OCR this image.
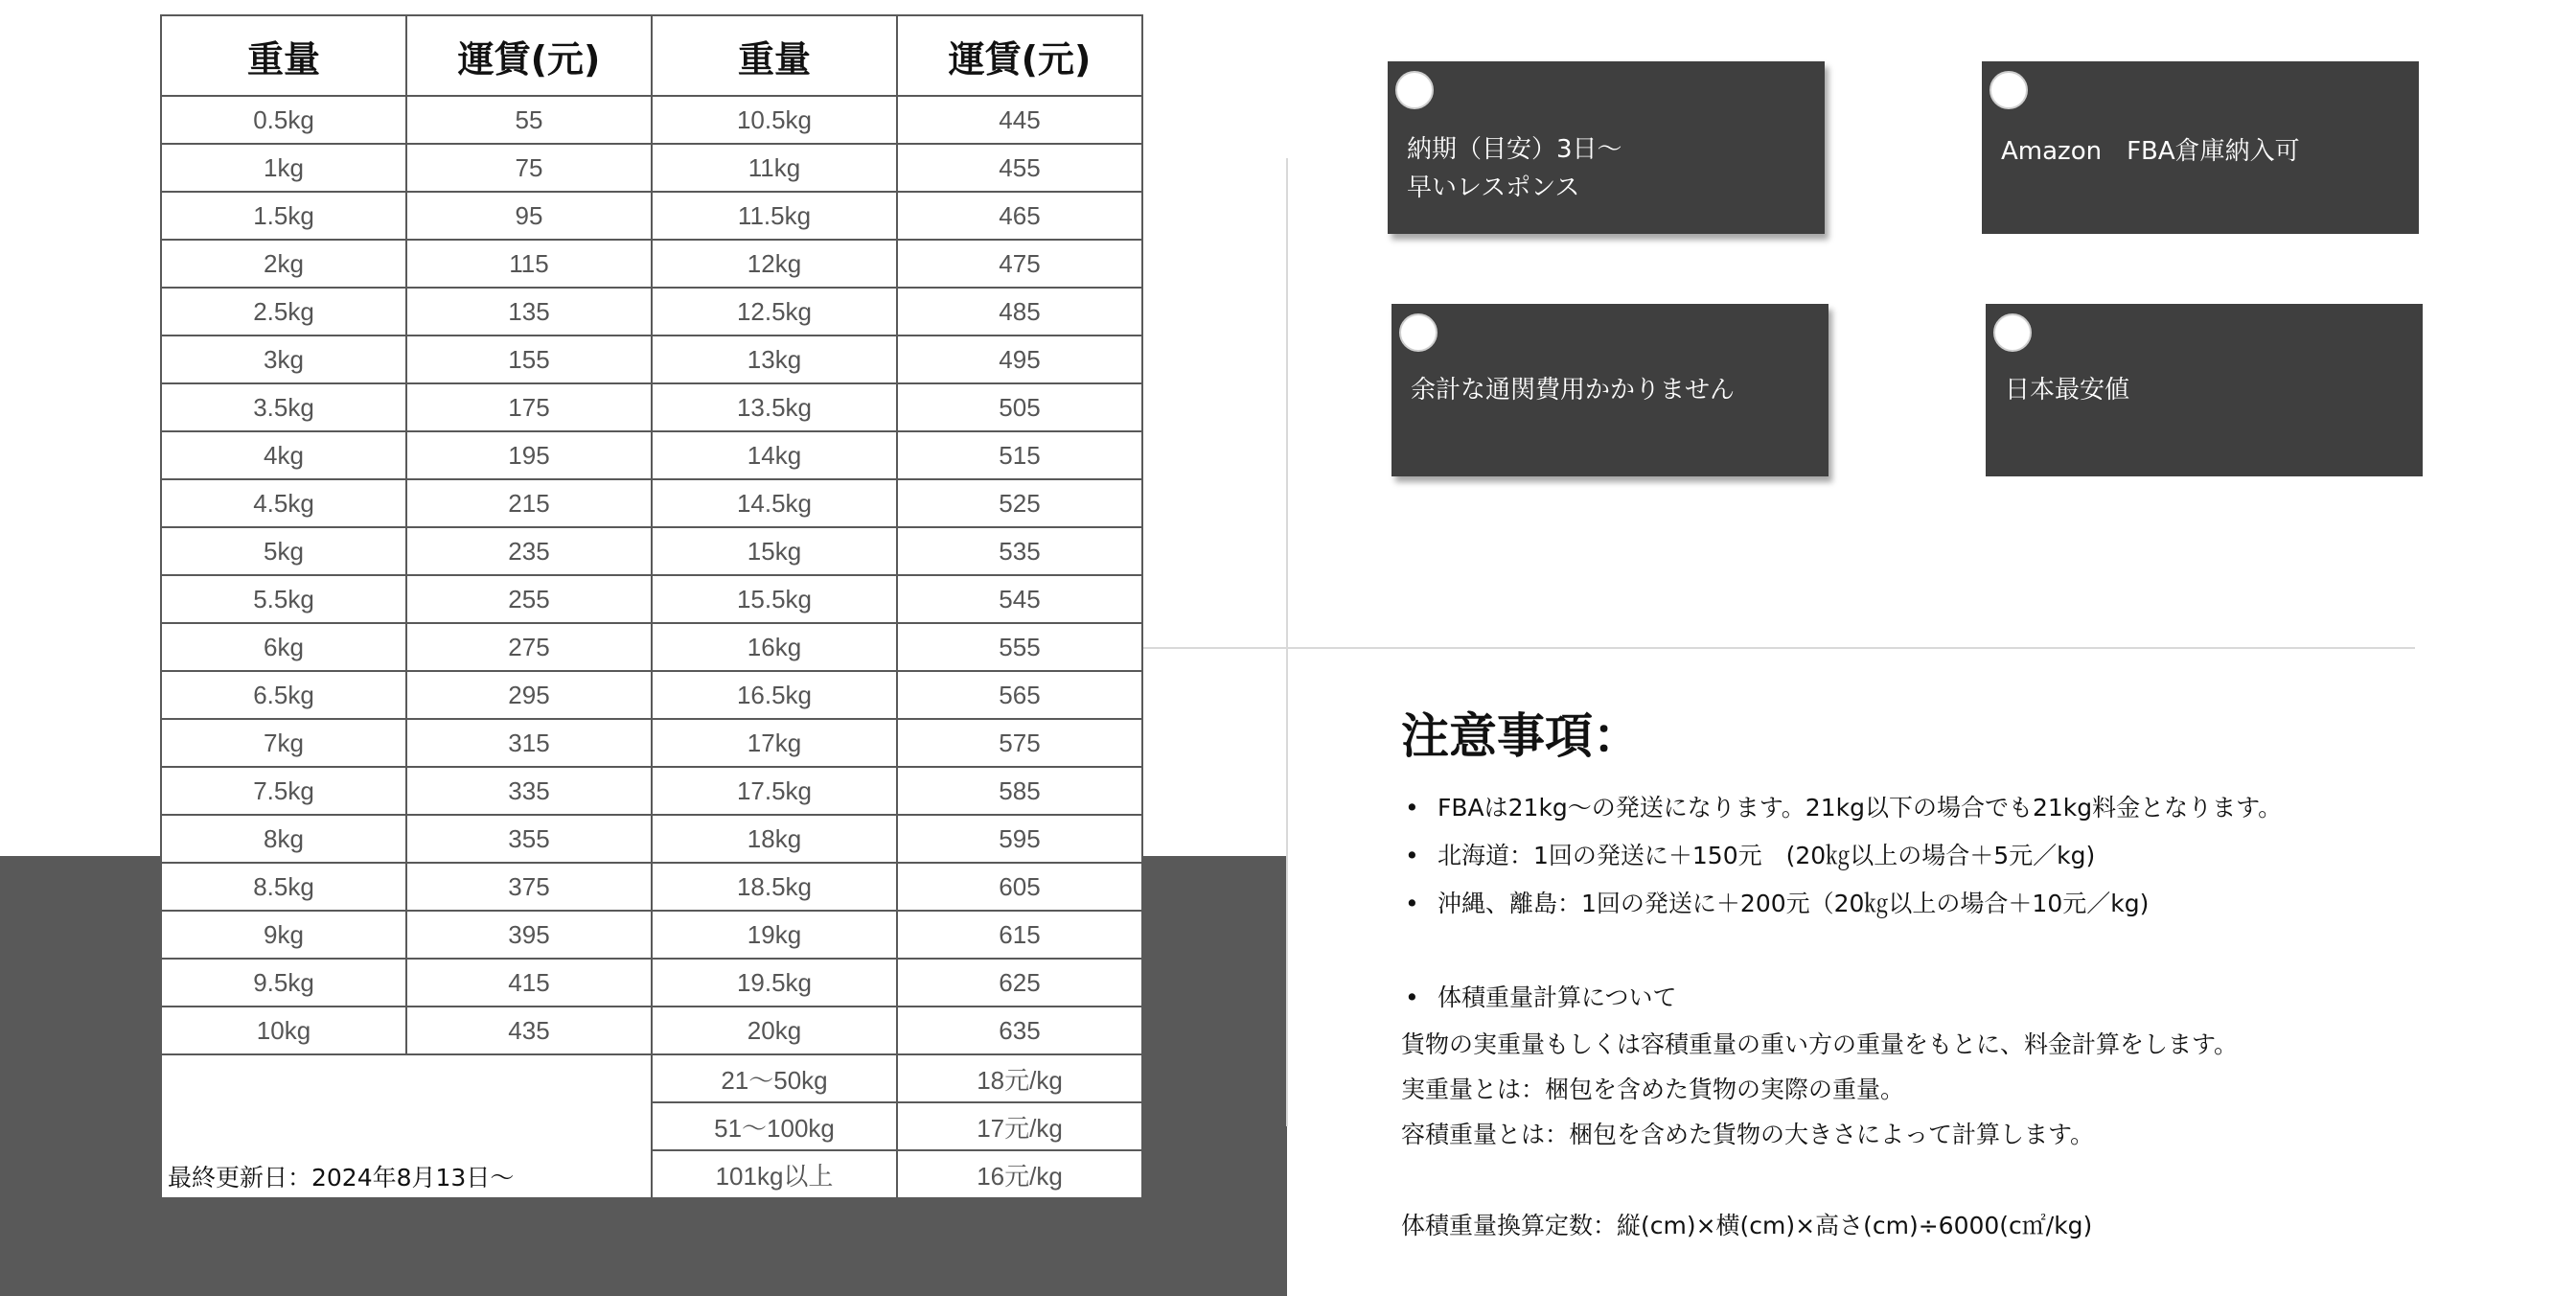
重量	運賃(元)	重量	運賃(元)
0.5kg	55	10.5kg	445
1kg	75	11kg	455
1.5kg	95	11.5kg	465
2kg	115	12kg	475
2.5kg	135	12.5kg	485
3kg	155	13kg	495
3.5kg	175	13.5kg	505
4kg	195	14kg	515
4.5kg	215	14.5kg	525
5kg	235	15kg	535
5.5kg	255	15.5kg	545
6kg	275	16kg	555
6.5kg	295	16.5kg	565
7kg	315	17kg	575
7.5kg	335	17.5kg	585
8kg	355	18kg	595
8.5kg	375	18.5kg	605
9kg	395	19kg	615
9.5kg	415	19.5kg	625
10kg	435	20kg	635
最終更新日：2024年8月13日〜		21〜50kg	18元/kg
		51〜100kg	17元/kg
		101kg以上	16元/kg
納期（目安）3日〜
早いレスポンス
Amazon　FBA倉庫納入可
余計な通関費用かかりません	日本最安値
注意事項：
• FBAは21kg〜の発送になります。21kg以下の場合でも21kg料金となります。
• 北海道：1回の発送に＋150元　(20㎏以上の場合＋5元／kg)
• 沖縄、離島：1回の発送に＋200元（20㎏以上の場合＋10元／kg)
• 体積重量計算について
貨物の実重量もしくは容積重量の重い方の重量をもとに、料金計算をします。
実重量とは：梱包を含めた貨物の実際の重量。
容積重量とは：梱包を含めた貨物の大きさによって計算します。
体積重量換算定数：縦(cm)×横(cm)×高さ(cm)÷6000(c㎡/kg)
